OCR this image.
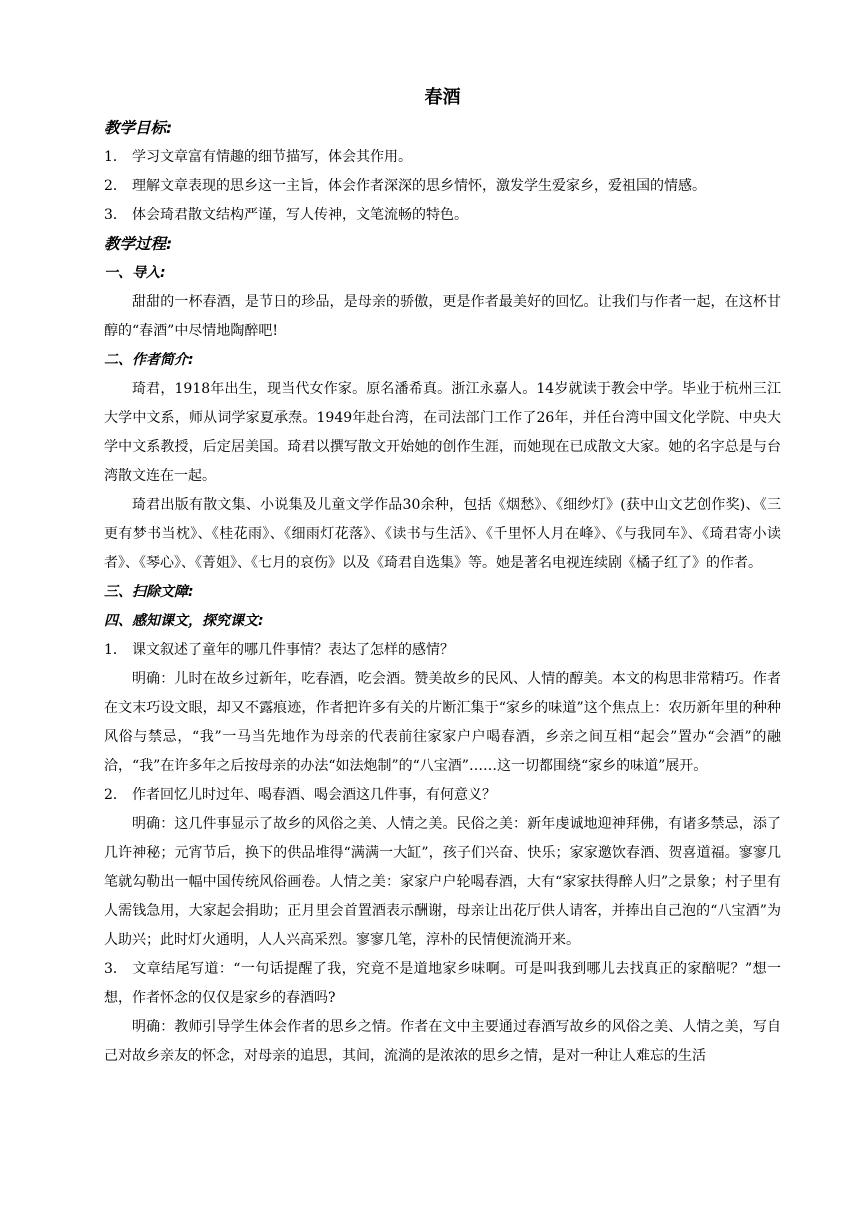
春酒
教学目标:
1． 学习文章富有情趣的细节描写，体会其作用。
2． 理解文章表现的思乡这一主旨，体会作者深深的思乡情怀，激发学生爱家乡，爱祖国的情感。
3． 体会琦君散文结构严谨，写人传神，文笔流畅的特色。
教学过程:
一、导入:
甜甜的一杯春酒，是节日的珍品，是母亲的骄傲，更是作者最美好的回忆。让我们与作者一起，在这杯甘醇的“春酒”中尽情地陶醉吧!
二、作者简介:
琦君，1918年出生，现当代女作家。原名潘希真。浙江永嘉人。14岁就读于教会中学。毕业于杭州三江大学中文系，师从词学家夏承焘。1949年赴台湾，在司法部门工作了26年，并任台湾中国文化学院、中央大学中文系教授，后定居美国。琦君以撰写散文开始她的创作生涯，而她现在已成散文大家。她的名字总是与台湾散文连在一起。
琦君出版有散文集、小说集及儿童文学作品30余种，包括《烟愁》、《细纱灯》(获中山文艺创作奖)、《三更有梦书当枕》、《桂花雨》、《细雨灯花落》、《读书与生活》、《千里怀人月在峰》、《与我同车》、《琦君寄小读者》、《琴心》、《菁姐》、《七月的哀伤》以及《琦君自选集》等。她是著名电视连续剧《橘子红了》的作者。
三、扫除文障:
四、感知课文，探究课文:
1． 课文叙述了童年的哪几件事情？表达了怎样的感情？
明确：儿时在故乡过新年，吃春酒，吃会酒。赞美故乡的民风、人情的醇美。本文的构思非常精巧。作者在文末巧设文眼，却又不露痕迹，作者把许多有关的片断汇集于“家乡的味道”这个焦点上：农历新年里的种种风俗与禁忌，“我”一马当先地作为母亲的代表前往家家户户喝春酒，乡亲之间互相“起会”置办“会酒”的融洽，“我”在许多年之后按母亲的办法“如法炮制”的“八宝酒”……这一切都围绕“家乡的味道”展开。
2． 作者回忆儿时过年、喝春酒、喝会酒这几件事，有何意义？
明确：这几件事显示了故乡的风俗之美、人情之美。民俗之美：新年虔诚地迎神拜佛，有诸多禁忌，添了几许神秘；元宵节后，换下的供品堆得“满满一大缸”，孩子们兴奋、快乐；家家邀饮春酒、贺喜道福。寥寥几笔就勾勒出一幅中国传统风俗画卷。人情之美：家家户户轮喝春酒，大有“家家扶得醉人归”之景象；村子里有人需钱急用，大家起会捐助；正月里会首置酒表示酬谢，母亲让出花厅供人请客，并捧出自己泡的“八宝酒”为人助兴；此时灯火通明，人人兴高采烈。寥寥几笔，淳朴的民情便流淌开来。
3． 文章结尾写道：“一句话提醒了我，究竟不是道地家乡味啊。可是叫我到哪儿去找真正的家醅呢？”想一想，作者怀念的仅仅是家乡的春酒吗?
明确：教师引导学生体会作者的思乡之情。作者在文中主要通过春酒写故乡的风俗之美、人情之美，写自己对故乡亲友的怀念，对母亲的追思，其间，流淌的是浓浓的思乡之情，是对一种让人难忘的生活
